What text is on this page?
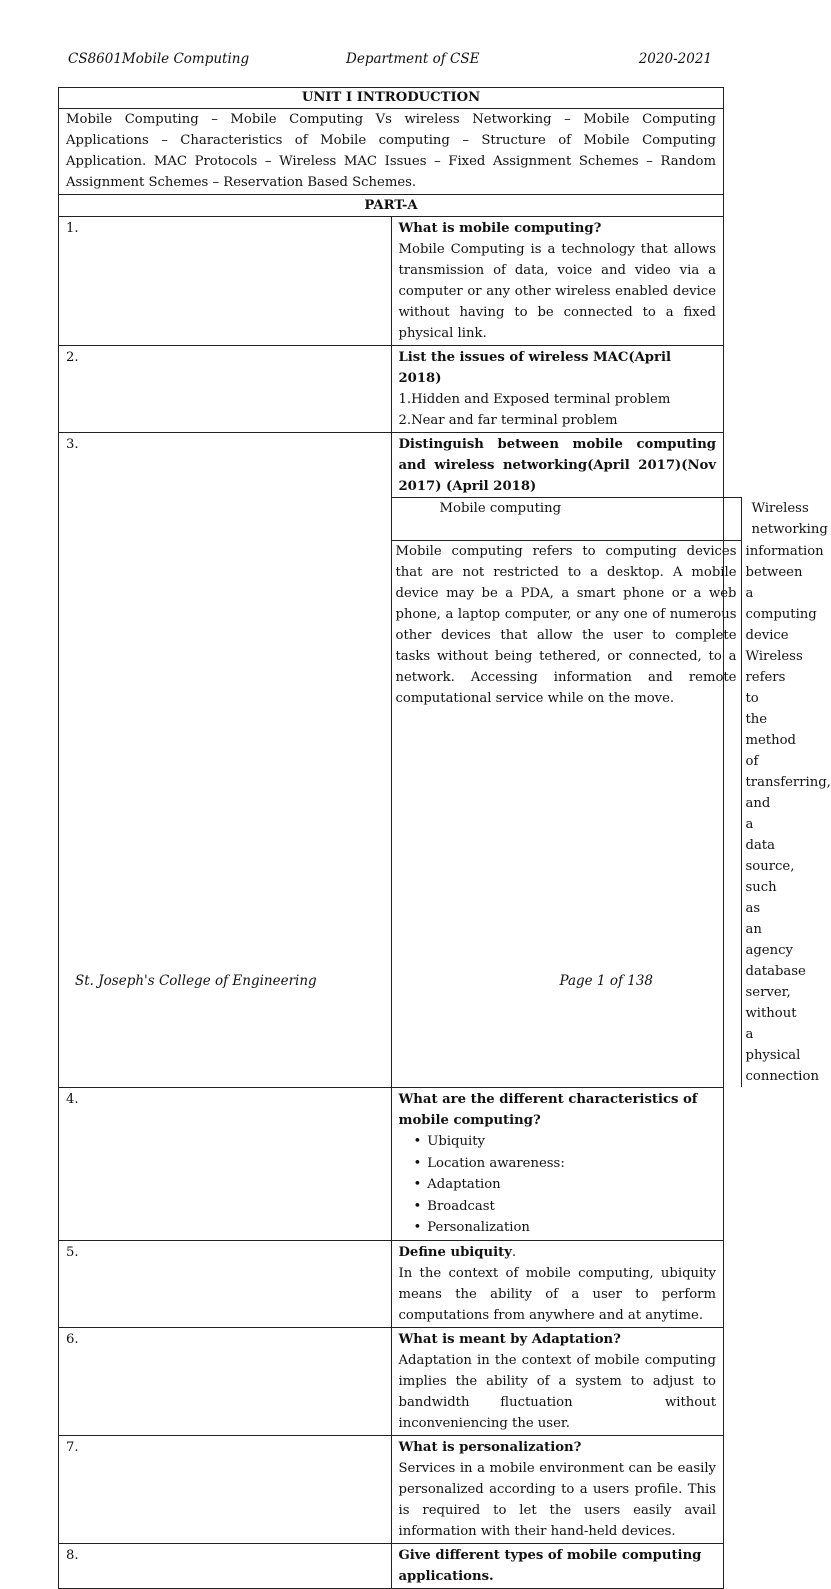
CS8601Mobile Computing	Department of CSE	2020-2021
UNIT I INTRODUCTION
Mobile Computing – Mobile Computing Vs wireless Networking – Mobile Computing Applications – Characteristics of Mobile computing – Structure of Mobile Computing Application. MAC Protocols – Wireless MAC Issues – Fixed Assignment Schemes – Random Assignment Schemes – Reservation Based Schemes.
PART-A
1.	What is mobile computing?

Mobile Computing is a technology that allows transmission of data, voice and video via a computer or any other wireless enabled device without having to be connected to a fixed physical link.

2.	List the issues of wireless MAC(April 2018)

1.Hidden and Exposed terminal problem

2.Near and far terminal problem

3.	Distinguish between mobile computing and wireless networking(April 2017)(Nov 2017) (April 2018)

Mobile computing	Wireless networking
Mobile computing refers to computing devices that are not restricted to a desktop. A mobile device may be a PDA, a smart phone or a web phone, a laptop computer, or any one of numerous other devices that allow the user to complete tasks without being tethered, or connected, to a network. Accessing information and remote computational service while on the move.	information between a computing device Wireless refers to the method of transferring, and a data source, such as an agency database server, without a physical connection

4.	What are the different characteristics of mobile computing?

• Ubiquity
• Location awareness:
• Adaptation
• Broadcast
• Personalization

5.	Define ubiquity.

In the context of mobile computing, ubiquity means the ability of a user to perform computations from anywhere and at anytime.

6.	What is meant by Adaptation?

Adaptation in the context of mobile computing implies the ability of a system to adjust to bandwidth fluctuation   without inconveniencing the user.

7.	What is personalization?

Services in a mobile environment can be easily personalized according to a users profile. This is required to let the users easily avail information with their hand-held devices.

8.	Give different types of mobile computing applications.

St. Joseph's College of Engineering	Page 1 of 138
